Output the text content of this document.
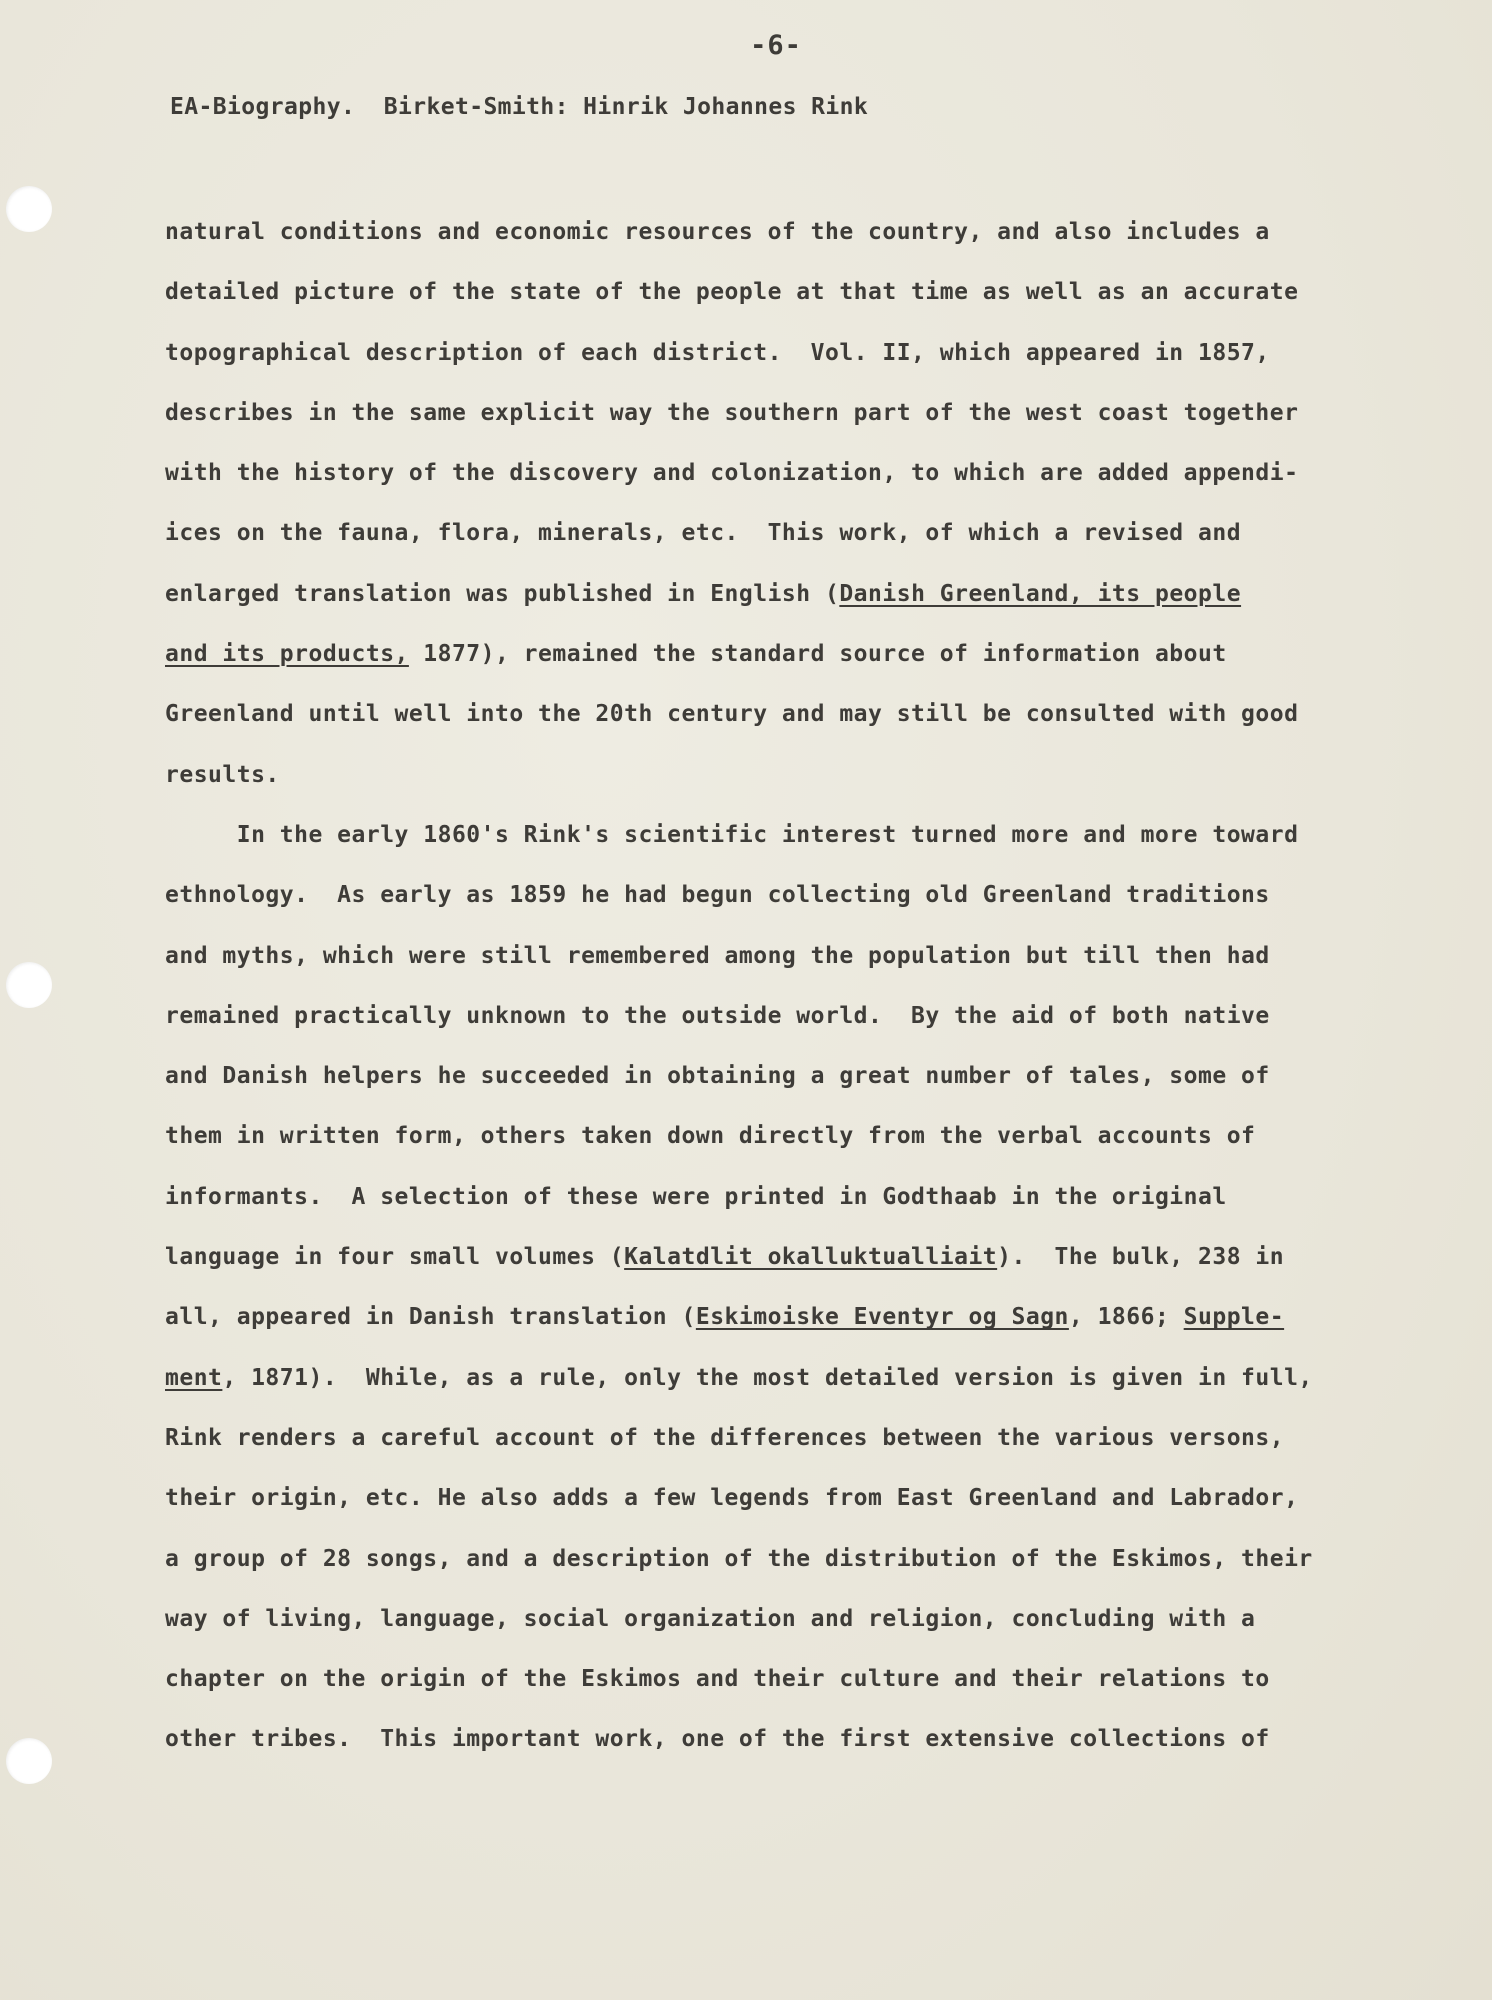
-6-
EA-Biography.  Birket-Smith: Hinrik Johannes Rink
natural conditions and economic resources of the country, and also includes a
detailed picture of the state of the people at that time as well as an accurate
topographical description of each district.  Vol. II, which appeared in 1857,
describes in the same explicit way the southern part of the west coast together
with the history of the discovery and colonization, to which are added appendi-
ices on the fauna, flora, minerals, etc.  This work, of which a revised and
enlarged translation was published in English (Danish Greenland, its people
and its products, 1877), remained the standard source of information about
Greenland until well into the 20th century and may still be consulted with good
results.
In the early 1860's Rink's scientific interest turned more and more toward
ethnology.  As early as 1859 he had begun collecting old Greenland traditions
and myths, which were still remembered among the population but till then had
remained practically unknown to the outside world.  By the aid of both native
and Danish helpers he succeeded in obtaining a great number of tales, some of
them in written form, others taken down directly from the verbal accounts of
informants.  A selection of these were printed in Godthaab in the original
language in four small volumes (Kalatdlit okalluktualliait).  The bulk, 238 in
all, appeared in Danish translation (Eskimoiske Eventyr og Sagn, 1866; Supple-
ment, 1871).  While, as a rule, only the most detailed version is given in full,
Rink renders a careful account of the differences between the various versons,
their origin, etc. He also adds a few legends from East Greenland and Labrador,
a group of 28 songs, and a description of the distribution of the Eskimos, their
way of living, language, social organization and religion, concluding with a
chapter on the origin of the Eskimos and their culture and their relations to
other tribes.  This important work, one of the first extensive collections of
